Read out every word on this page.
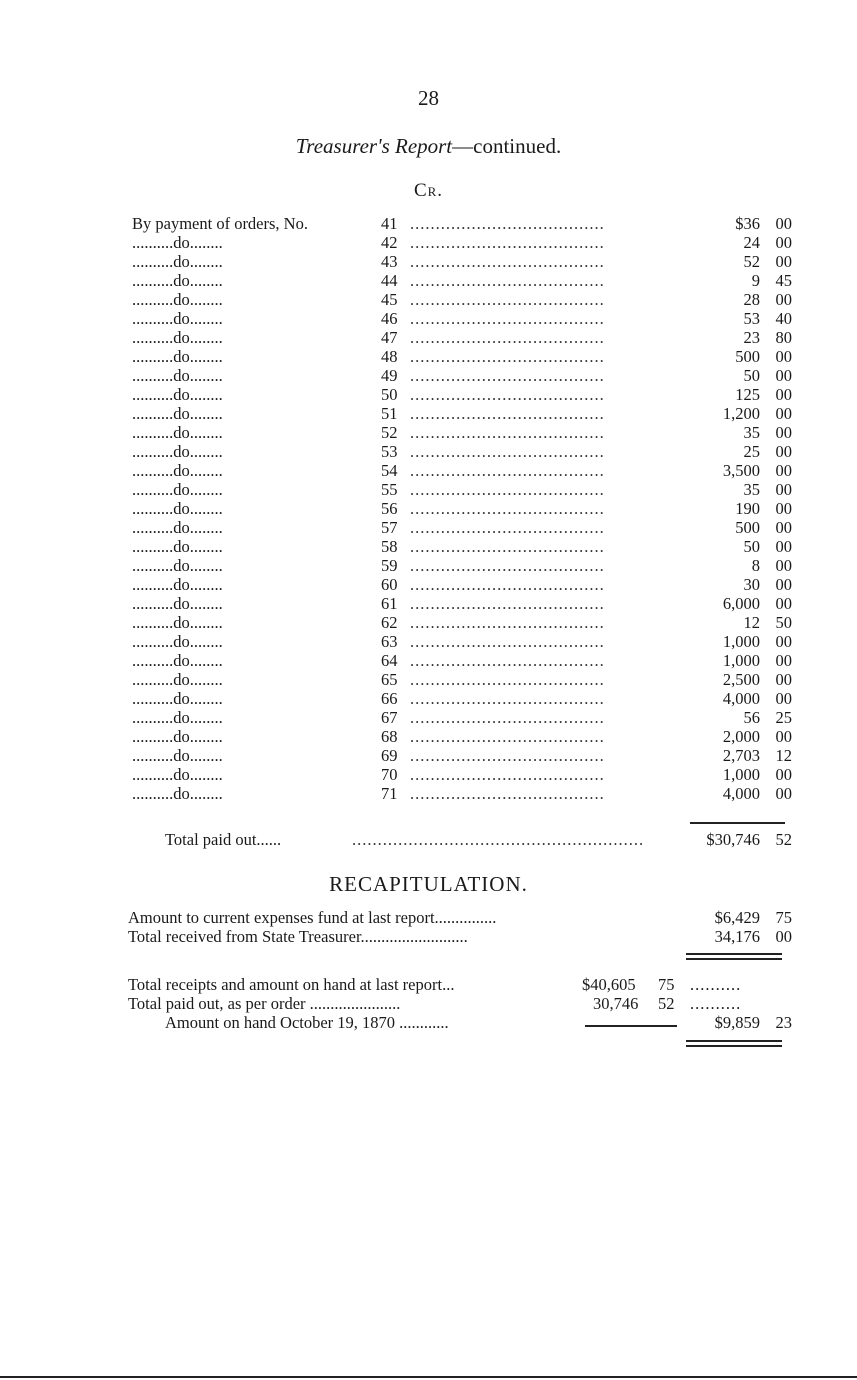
28
Treasurer's Report—continued.
Cr.
By payment of orders, No.	41 ......................................	$36 00
..........do........	42 ......................................	24 00
..........do........	43 ......................................	52 00
..........do........	44 ......................................	9 45
..........do........	45 ......................................	28 00
..........do........	46 ......................................	53 40
..........do........	47 ......................................	23 80
..........do........	48 ......................................	500 00
..........do........	49 ......................................	50 00
..........do........	50 ......................................	125 00
..........do........	51 ......................................	1,200 00
..........do........	52 ......................................	35 00
..........do........	53 ......................................	25 00
..........do........	54 ......................................	3,500 00
..........do........	55 ......................................	35 00
..........do........	56 ......................................	190 00
..........do........	57 ......................................	500 00
..........do........	58 ......................................	50 00
..........do........	59 ......................................	8 00
..........do........	60 ......................................	30 00
..........do........	61 ......................................	6,000 00
..........do........	62 ......................................	12 50
..........do........	63 ......................................	1,000 00
..........do........	64 ......................................	1,000 00
..........do........	65 ......................................	2,500 00
..........do........	66 ......................................	4,000 00
..........do........	67 ......................................	56 25
..........do........	68 ......................................	2,000 00
..........do........	69 ......................................	2,703 12
..........do........	70 ......................................	1,000 00
..........do........	71 ......................................	4,000 00
Total paid out......	.........................................................	$30,746 52
RECAPITULATION.
Amount to current expenses fund at last report...............	$6,429 75
Total received from State Treasurer..........................	34,176 00
Total receipts and amount on hand at last report...	$40,605 75 ..........
Total paid out, as per order ......................	30,746 52 ..........
Amount on hand October 19, 1870 ............	$9,859 23
